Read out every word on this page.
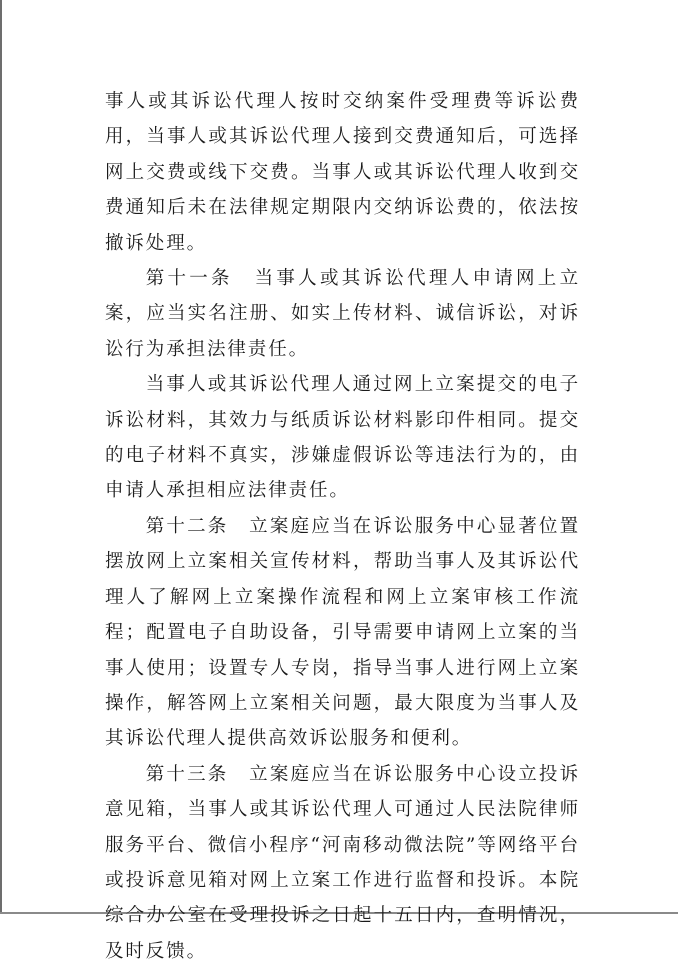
事人或其诉讼代理人按时交纳案件受理费等诉讼费用，当事人或其诉讼代理人接到交费通知后，可选择网上交费或线下交费。当事人或其诉讼代理人收到交费通知后未在法律规定期限内交纳诉讼费的，依法按撤诉处理。

第十一条　当事人或其诉讼代理人申请网上立案，应当实名注册、如实上传材料、诚信诉讼，对诉讼行为承担法律责任。

当事人或其诉讼代理人通过网上立案提交的电子诉讼材料，其效力与纸质诉讼材料影印件相同。提交的电子材料不真实，涉嫌虚假诉讼等违法行为的，由申请人承担相应法律责任。

第十二条　立案庭应当在诉讼服务中心显著位置摆放网上立案相关宣传材料，帮助当事人及其诉讼代理人了解网上立案操作流程和网上立案审核工作流程；配置电子自助设备，引导需要申请网上立案的当事人使用；设置专人专岗，指导当事人进行网上立案操作，解答网上立案相关问题，最大限度为当事人及其诉讼代理人提供高效诉讼服务和便利。

第十三条　立案庭应当在诉讼服务中心设立投诉意见箱，当事人或其诉讼代理人可通过人民法院律师服务平台、微信小程序“河南移动微法院”等网络平台或投诉意见箱对网上立案工作进行监督和投诉。本院综合办公室在受理投诉之日起十五日内，查明情况，及时反馈。
